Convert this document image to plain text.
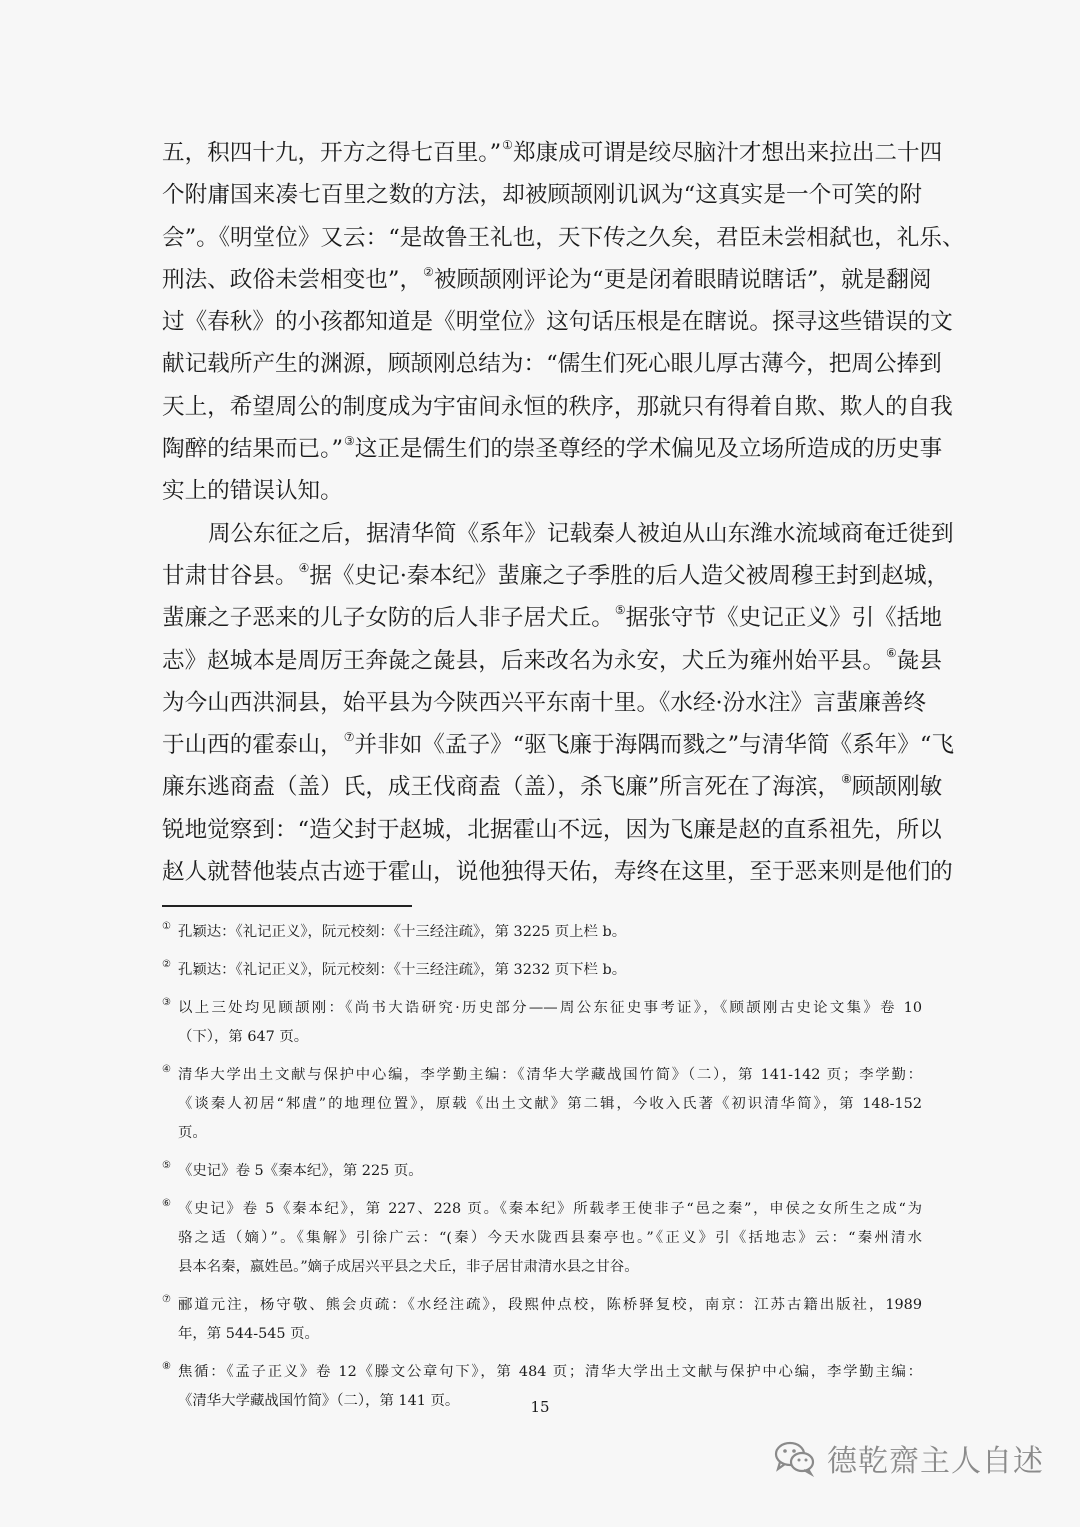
五，积四十九，开方之得七百里。”①郑康成可谓是绞尽脑汁才想出来拉出二十四
个附庸国来凑七百里之数的方法，却被顾颉刚讥讽为“这真实是一个可笑的附
会”。《明堂位》又云：“是故鲁王礼也，天下传之久矣，君臣未尝相弑也，礼乐、
刑法、政俗未尝相变也”，②被顾颉刚评论为“更是闭着眼睛说瞎话”，就是翻阅
过《春秋》的小孩都知道是《明堂位》这句话压根是在瞎说。探寻这些错误的文
献记载所产生的渊源，顾颉刚总结为：“儒生们死心眼儿厚古薄今，把周公捧到
天上，希望周公的制度成为宇宙间永恒的秩序，那就只有得着自欺、欺人的自我
陶醉的结果而已。”③这正是儒生们的崇圣尊经的学术偏见及立场所造成的历史事
实上的错误认知。
周公东征之后，据清华简《系年》记载秦人被迫从山东潍水流域商奄迁徙到
甘肃甘谷县。④据《史记·秦本纪》蜚廉之子季胜的后人造父被周穆王封到赵城，
蜚廉之子恶来的儿子女防的后人非子居犬丘。⑤据张守节《史记正义》引《括地
志》赵城本是周厉王奔彘之彘县，后来改名为永安，犬丘为雍州始平县。⑥彘县
为今山西洪洞县，始平县为今陕西兴平东南十里。《水经·汾水注》言蜚廉善终
于山西的霍泰山，⑦并非如《孟子》“驱飞廉于海隅而戮之”与清华简《系年》“飞
廉东逃商盍（盖）氏，成王伐商盍（盖），杀飞廉”所言死在了海滨，⑧顾颉刚敏
锐地觉察到：“造父封于赵城，北据霍山不远，因为飞廉是赵的直系祖先，所以
赵人就替他装点古迹于霍山，说他独得天佑，寿终在这里，至于恶来则是他们的
① 孔颖达：《礼记正义》，阮元校刻：《十三经注疏》，第 3225 页上栏 b。
② 孔颖达：《礼记正义》，阮元校刻：《十三经注疏》，第 3232 页下栏 b。
③ 以上三处均见顾颉刚：《尚书大诰研究·历史部分——周公东征史事考证》，《顾颉刚古史论文集》卷 10
（下），第 647 页。
④ 清华大学出土文献与保护中心编，李学勤主编：《清华大学藏战国竹简》（二），第 141-142 页；李学勤：
《谈秦人初居“邾虘”的地理位置》，原载《出土文献》第二辑，今收入氏著《初识清华简》，第 148-152
页。
⑤ 《史记》卷 5《秦本纪》，第 225 页。
⑥ 《史记》卷 5《秦本纪》，第 227、228 页。《秦本纪》所载孝王使非子“邑之秦”，申侯之女所生之成“为
骆之适（嫡）”。《集解》引徐广云：“(秦）今天水陇西县秦亭也。”《正义》引《括地志》云：“秦州清水
县本名秦，嬴姓邑。”嫡子成居兴平县之犬丘，非子居甘肃清水县之甘谷。
⑦ 郦道元注，杨守敬、熊会贞疏：《水经注疏》，段熙仲点校，陈桥驿复校，南京：江苏古籍出版社，1989
年，第 544-545 页。
⑧ 焦循：《孟子正义》卷 12《滕文公章句下》，第 484 页；清华大学出土文献与保护中心编，李学勤主编：
《清华大学藏战国竹简》（二），第 141 页。	15
德乾齋主人自述
